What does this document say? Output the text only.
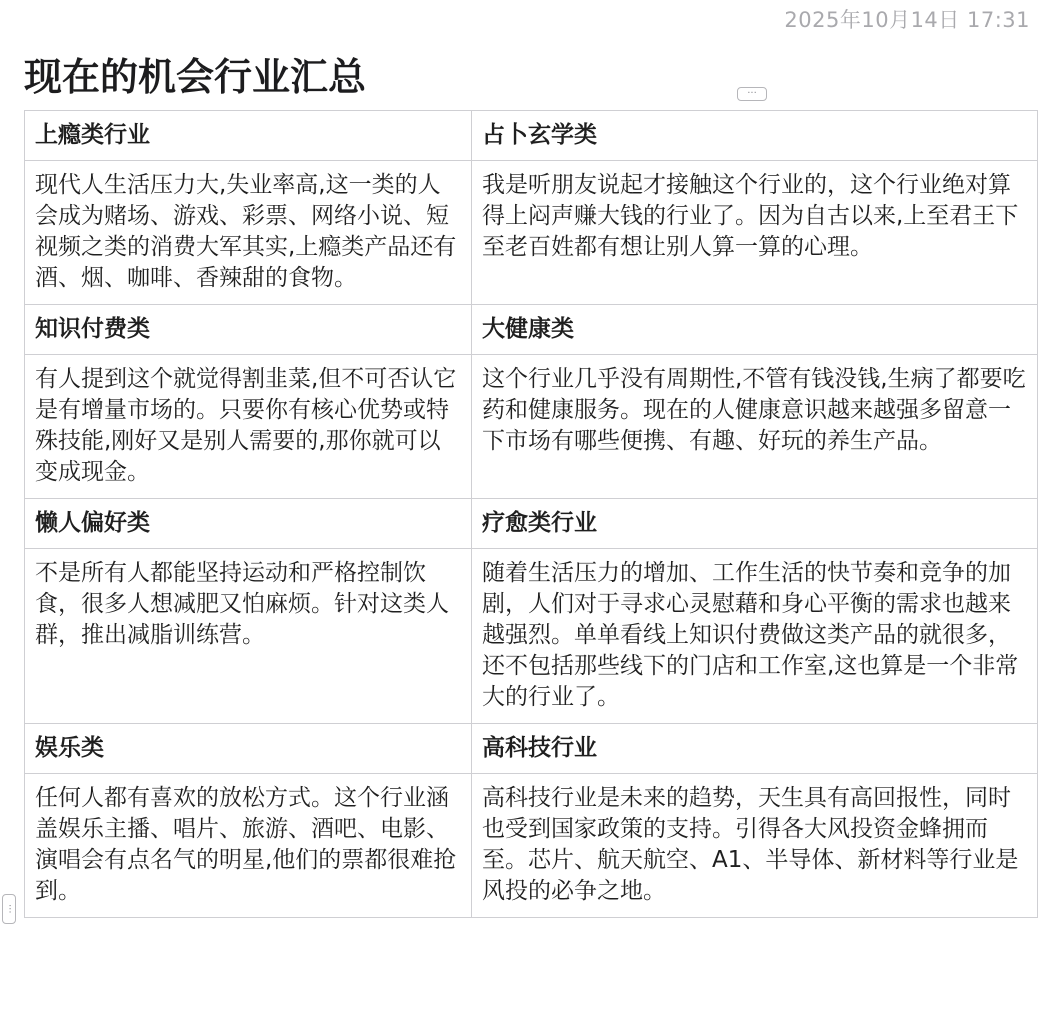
2025年10月14日 17:31
现在的机会行业汇总	···
···
上瘾类行业	占卜玄学类
现代人生活压力大,失业率高,这一类的人会成为赌场、游戏、彩票、网络小说、短视频之类的消费大军其实,上瘾类产品还有酒、烟、咖啡、香辣甜的食物。	我是听朋友说起才接触这个行业的，这个行业绝对算得上闷声赚大钱的行业了。因为自古以来,上至君王下至老百姓都有想让别人算一算的心理。
知识付费类	大健康类
有人提到这个就觉得割韭菜,但不可否认它是有增量市场的。只要你有核心优势或特殊技能,刚好又是别人需要的,那你就可以变成现金。	这个行业几乎没有周期性,不管有钱没钱,生病了都要吃药和健康服务。现在的人健康意识越来越强多留意一下市场有哪些便携、有趣、好玩的养生产品。
懒人偏好类	疗愈类行业
不是所有人都能坚持运动和严格控制饮食，很多人想减肥又怕麻烦。针对这类人群，推出减脂训练营。	随着生活压力的增加、工作生活的快节奏和竞争的加剧，人们对于寻求心灵慰藉和身心平衡的需求也越来越强烈。单单看线上知识付费做这类产品的就很多，还不包括那些线下的门店和工作室,这也算是一个非常大的行业了。
娱乐类	高科技行业
任何人都有喜欢的放松方式。这个行业涵盖娱乐主播、唱片、旅游、酒吧、电影、演唱会有点名气的明星,他们的票都很难抢到。	高科技行业是未来的趋势，天生具有高回报性，同时也受到国家政策的支持。引得各大风投资金蜂拥而至。芯片、航天航空、A1、半导体、新材料等行业是风投的必争之地。
